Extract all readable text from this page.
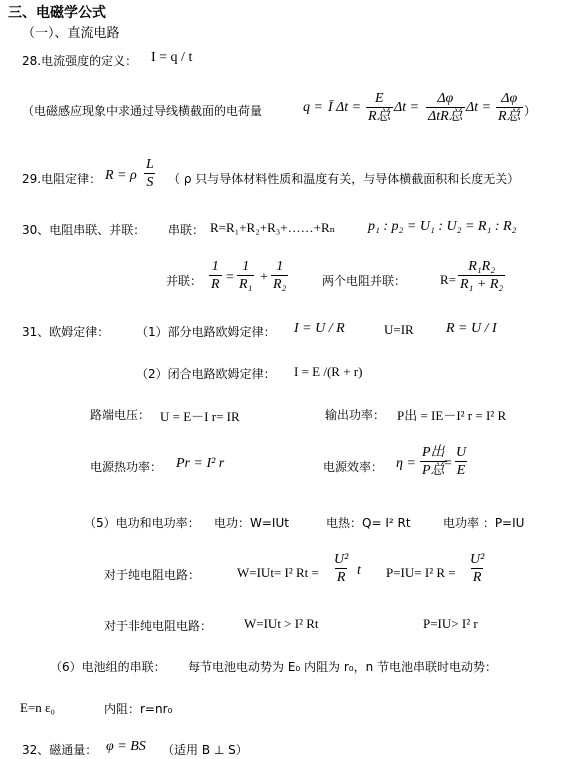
三、电磁学公式
（一）、直流电路
28.电流强度的定义： I = q / t
（电磁感应现象中求通过导线横截面的电荷量	q = Ī Δt =
E
R总
Δt =
Δφ
ΔtR总
Δt =
Δφ
R总 ）
29.电阻定律： R = ρ $\frac{L}{S}$ （ ρ 只与导体材料性质和温度有关，与导体横截面积和长度无关）
30、电阻串联、并联： 串联： R=R₁+R₂+R₃+……+Rₙ p₁ : p₂ = U₁ : U₂ = R₁ : R₂
并联： $\frac{1}{R} = \frac{1}{\text{R₁}} + \frac{1}{\text{R₂}}$	两个电阻并联：	$R= \frac{\text{R₁R₂}}{\text{R₁ + R₂}}$
31、欧姆定律： （1）部分电路欧姆定律： I = U / R	U=IR R = U / I
（2）闭合电路欧姆定律： I = E /(R + r)
路端电压： U = E－I r= IR	输出功率： P出 = IE－I² r = I² R
电源热功率： Pr = I² r	电源效率： η =
P出
P总 = $\frac{U}{E}$
（5）电功和电功率： 电功：W=IUt	电热：Q= I² Rt	电功率 ：P=IU
对于纯电阻电路：	W=IUt= I² $Rt = \frac{\text{U²}}{R}$ t P=IU= I² $R = \frac{\text{U²}}{R}$
对于非纯电阻电路： W=IUt > I² Rt	P=IU> I² r
（6）电池组的串联： 每节电池电动势为 E₀ 内阻为 r₀，n 节电池串联时电动势：
E=n ε₀	内阻：r=nr₀
32、磁通量： φ = BS （适用 B ⊥ S）
